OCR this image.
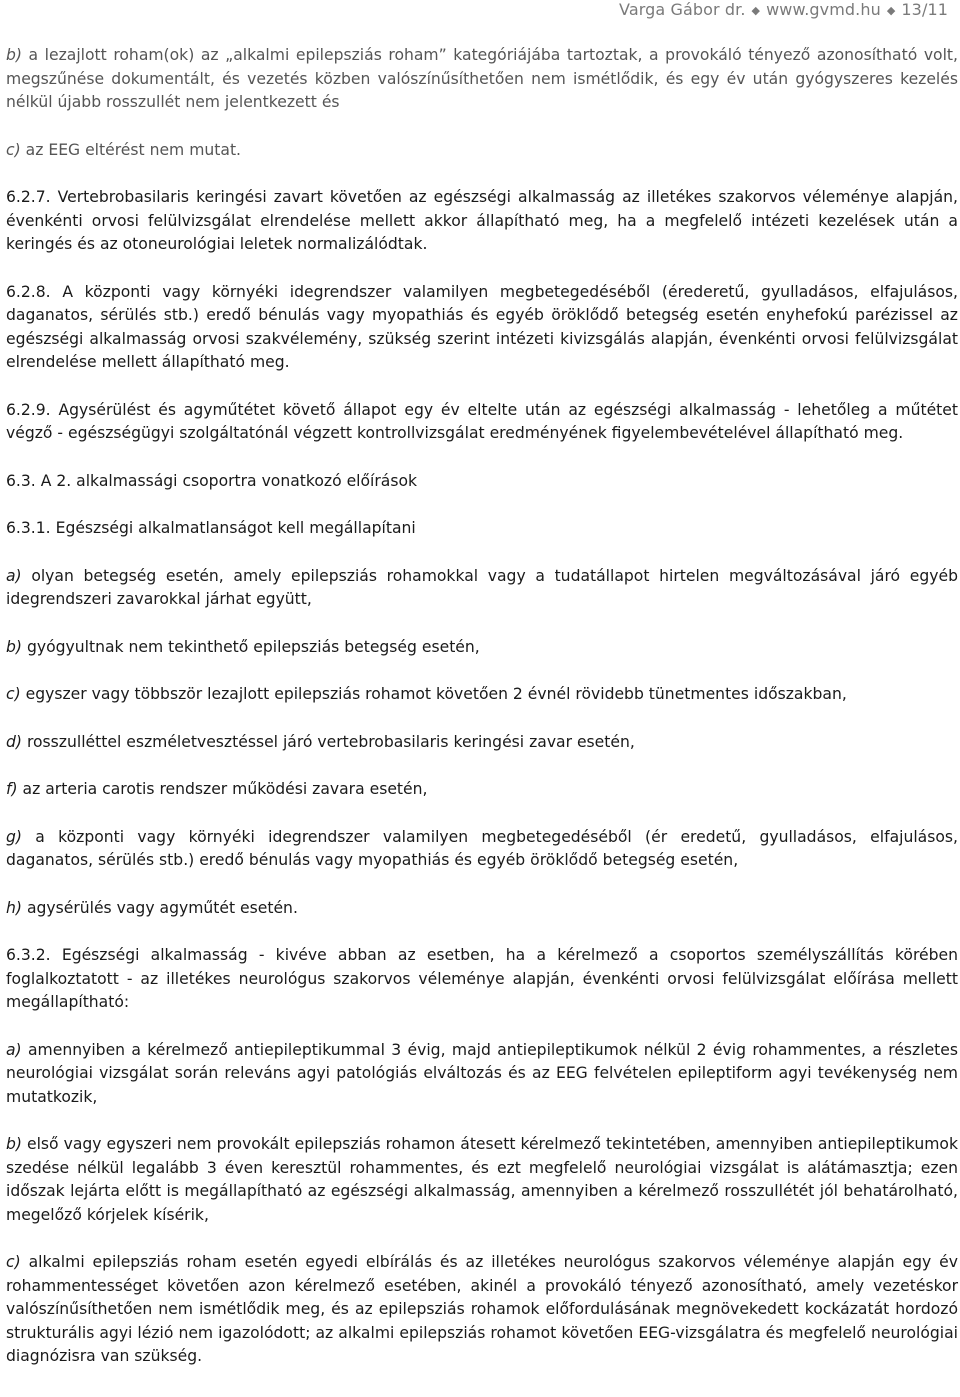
Varga Gábor dr. ◆ www.gvmd.hu ◆ 13/11

b) a lezajlott roham(ok) az „alkalmi epilepsziás roham” kategóriájába tartoztak, a provokáló tényező azonosítható volt, megszűnése dokumentált, és vezetés közben valószínűsíthetően nem ismétlődik, és egy év után gyógyszeres kezelés nélkül újabb rosszullét nem jelentkezett és

c) az EEG eltérést nem mutat.

6.2.7. Vertebrobasilaris keringési zavart követően az egészségi alkalmasság az illetékes szakorvos véleménye alapján, évenkénti orvosi felülvizsgálat elrendelése mellett akkor állapítható meg, ha a megfelelő intézeti kezelések után a keringés és az otoneurológiai leletek normalizálódtak.

6.2.8. A központi vagy környéki idegrendszer valamilyen megbetegedéséből (érederetű, gyulladásos, elfajulásos, daganatos, sérülés stb.) eredő bénulás vagy myopathiás és egyéb öröklődő betegség esetén enyhefokú parézissel az egészségi alkalmasság orvosi szakvélemény, szükség szerint intézeti kivizsgálás alapján, évenkénti orvosi felülvizsgálat elrendelése mellett állapítható meg.

6.2.9. Agysérülést és agyműtétet követő állapot egy év eltelte után az egészségi alkalmasság - lehetőleg a műtétet végző - egészségügyi szolgáltatónál végzett kontrollvizsgálat eredményének figyelembevételével állapítható meg.

6.3. A 2. alkalmassági csoportra vonatkozó előírások

6.3.1. Egészségi alkalmatlanságot kell megállapítani

a) olyan betegség esetén, amely epilepsziás rohamokkal vagy a tudatállapot hirtelen megváltozásával járó egyéb idegrendszeri zavarokkal járhat együtt,

b) gyógyultnak nem tekinthető epilepsziás betegség esetén,

c) egyszer vagy többször lezajlott epilepsziás rohamot követően 2 évnél rövidebb tünetmentes időszakban,

d) rosszulléttel eszméletvesztéssel járó vertebrobasilaris keringési zavar esetén,

f) az arteria carotis rendszer működési zavara esetén,

g) a központi vagy környéki idegrendszer valamilyen megbetegedéséből (ér eredetű, gyulladásos, elfajulásos, daganatos, sérülés stb.) eredő bénulás vagy myopathiás és egyéb öröklődő betegség esetén,

h) agysérülés vagy agyműtét esetén.

6.3.2. Egészségi alkalmasság - kivéve abban az esetben, ha a kérelmező a csoportos személyszállítás körében foglalkoztatott - az illetékes neurológus szakorvos véleménye alapján, évenkénti orvosi felülvizsgálat előírása mellett megállapítható:

a) amennyiben a kérelmező antiepileptikummal 3 évig, majd antiepileptikumok nélkül 2 évig rohammentes, a részletes neurológiai vizsgálat során releváns agyi patológiás elváltozás és az EEG felvételen epileptiform agyi tevékenység nem mutatkozik,

b) első vagy egyszeri nem provokált epilepsziás rohamon átesett kérelmező tekintetében, amennyiben antiepileptikumok szedése nélkül legalább 3 éven keresztül rohammentes, és ezt megfelelő neurológiai vizsgálat is alátámasztja; ezen időszak lejárta előtt is megállapítható az egészségi alkalmasság, amennyiben a kérelmező rosszullétét jól behatárolható, megelőző kórjelek kísérik,

c) alkalmi epilepsziás roham esetén egyedi elbírálás és az illetékes neurológus szakorvos véleménye alapján egy év rohammentességet követően azon kérelmező esetében, akinél a provokáló tényező azonosítható, amely vezetéskor valószínűsíthetően nem ismétlődik meg, és az epilepsziás rohamok előfordulásának megnövekedett kockázatát hordozó strukturális agyi lézió nem igazolódott; az alkalmi epilepsziás rohamot követően EEG-vizsgálatra és megfelelő neurológiai diagnózisra van szükség.
